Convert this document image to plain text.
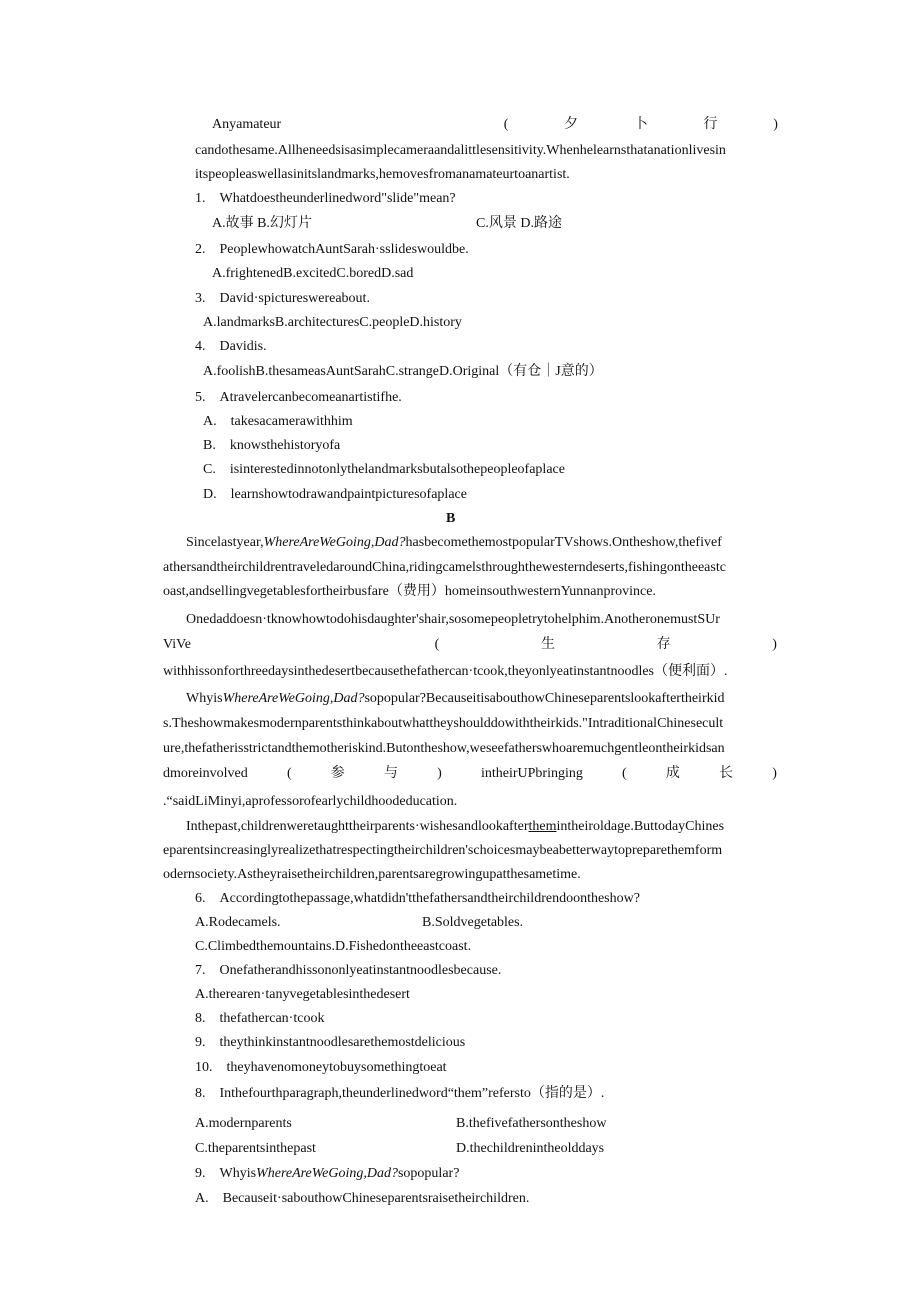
Anyamateur	(	夕	卜	行	)
candothesame.Allheneedsisasimplecameraandalittlesensitivity.Whenhelearnsthatanationlivesin
itspeopleaswellasinitslandmarks,hemovesfromanamateurtoanartist.
1. Whatdoestheunderlinedword"slide"mean?
A.故事 B.幻灯片	C.风景 D.路途
2. PeoplewhowatchAuntSarah·sslideswouldbe.
A.frightenedB.excitedC.boredD.sad
3. David·spictureswereabout.
A.landmarksB.architecturesC.peopleD.history
4. Davidis.
A.foolishB.thesameasAuntSarahC.strangeD.Original（有仓｜J意的）
5. Atravelercanbecomeanartistifhe.
A. takesacamerawithhim
B. knowsthehistoryofa
C. isinterestedinnotonlythelandmarksbutalsothepeopleofaplace
D. learnshowtodrawandpaintpicturesofaplace
B
Sincelastyear,WhereAreWeGoing,Dad?hasbecomethemostpopularTVshows.Ontheshow,thefivef
athersandtheirchildrentraveledaroundChina,ridingcamelsthroughthewesterndeserts,fishingontheeastc
oast,andsellingvegetablesfortheirbusfare（费用）homeinsouthwesternYunnanprovince.
Onedaddoesn·tknowhowtodohisdaughter'shair,sosomepeopletrytohelphim.AnotheronemustSUr
ViVe	(	生	存	)
withhissonforthreedaysinthedesertbecausethefathercan·tcook,theyonlyeatinstantnoodles（便利面）.
WhyisWhereAreWeGoing,Dad?sopopular?BecauseitisabouthowChineseparentslookaftertheirkid
s.Theshowmakesmodernparentsthinkaboutwhattheyshoulddowiththeirkids."IntraditionalChinesecult
ure,thefatherisstrictandthemotheriskind.Butontheshow,weseefatherswhoaremuchgentleontheirkidsan
dmoreinvolved	(	参	与	)	intheirUPbringing	(	成	长	)
.“saidLiMinyi,aprofessorofearlychildhoodeducation.
Inthepast,childrenweretaughttheirparents·wishesandlookafterthemintheiroldage.ButtodayChines
eparentsincreasinglyrealizethatrespectingtheirchildren'schoicesmaybeabetterwaytopreparethemform
odernsociety.Astheyraisetheirchildren,parentsaregrowingupatthesametime.
6. Accordingtothepassage,whatdidn'tthefathersandtheirchildrendoontheshow?
A.Rodecamels.	B.Soldvegetables.
C.Climbedthemountains.D.Fishedontheeastcoast.
7. Onefatherandhissononlyeatinstantnoodlesbecause.
A.therearen·tanyvegetablesinthedesert
8. thefathercan·tcook
9. theythinkinstantnoodlesarethemostdelicious
10. theyhavenomoneytobuysomethingtoeat
8. Inthefourthparagraph,theunderlinedword“them”refersto（指的是）.
A.modernparents	B.thefivefathersontheshow
C.theparentsinthepast	D.thechildrenintheolddays
9. WhyisWhereAreWeGoing,Dad?sopopular?
A. Becauseit·sabouthowChineseparentsraisetheirchildren.
